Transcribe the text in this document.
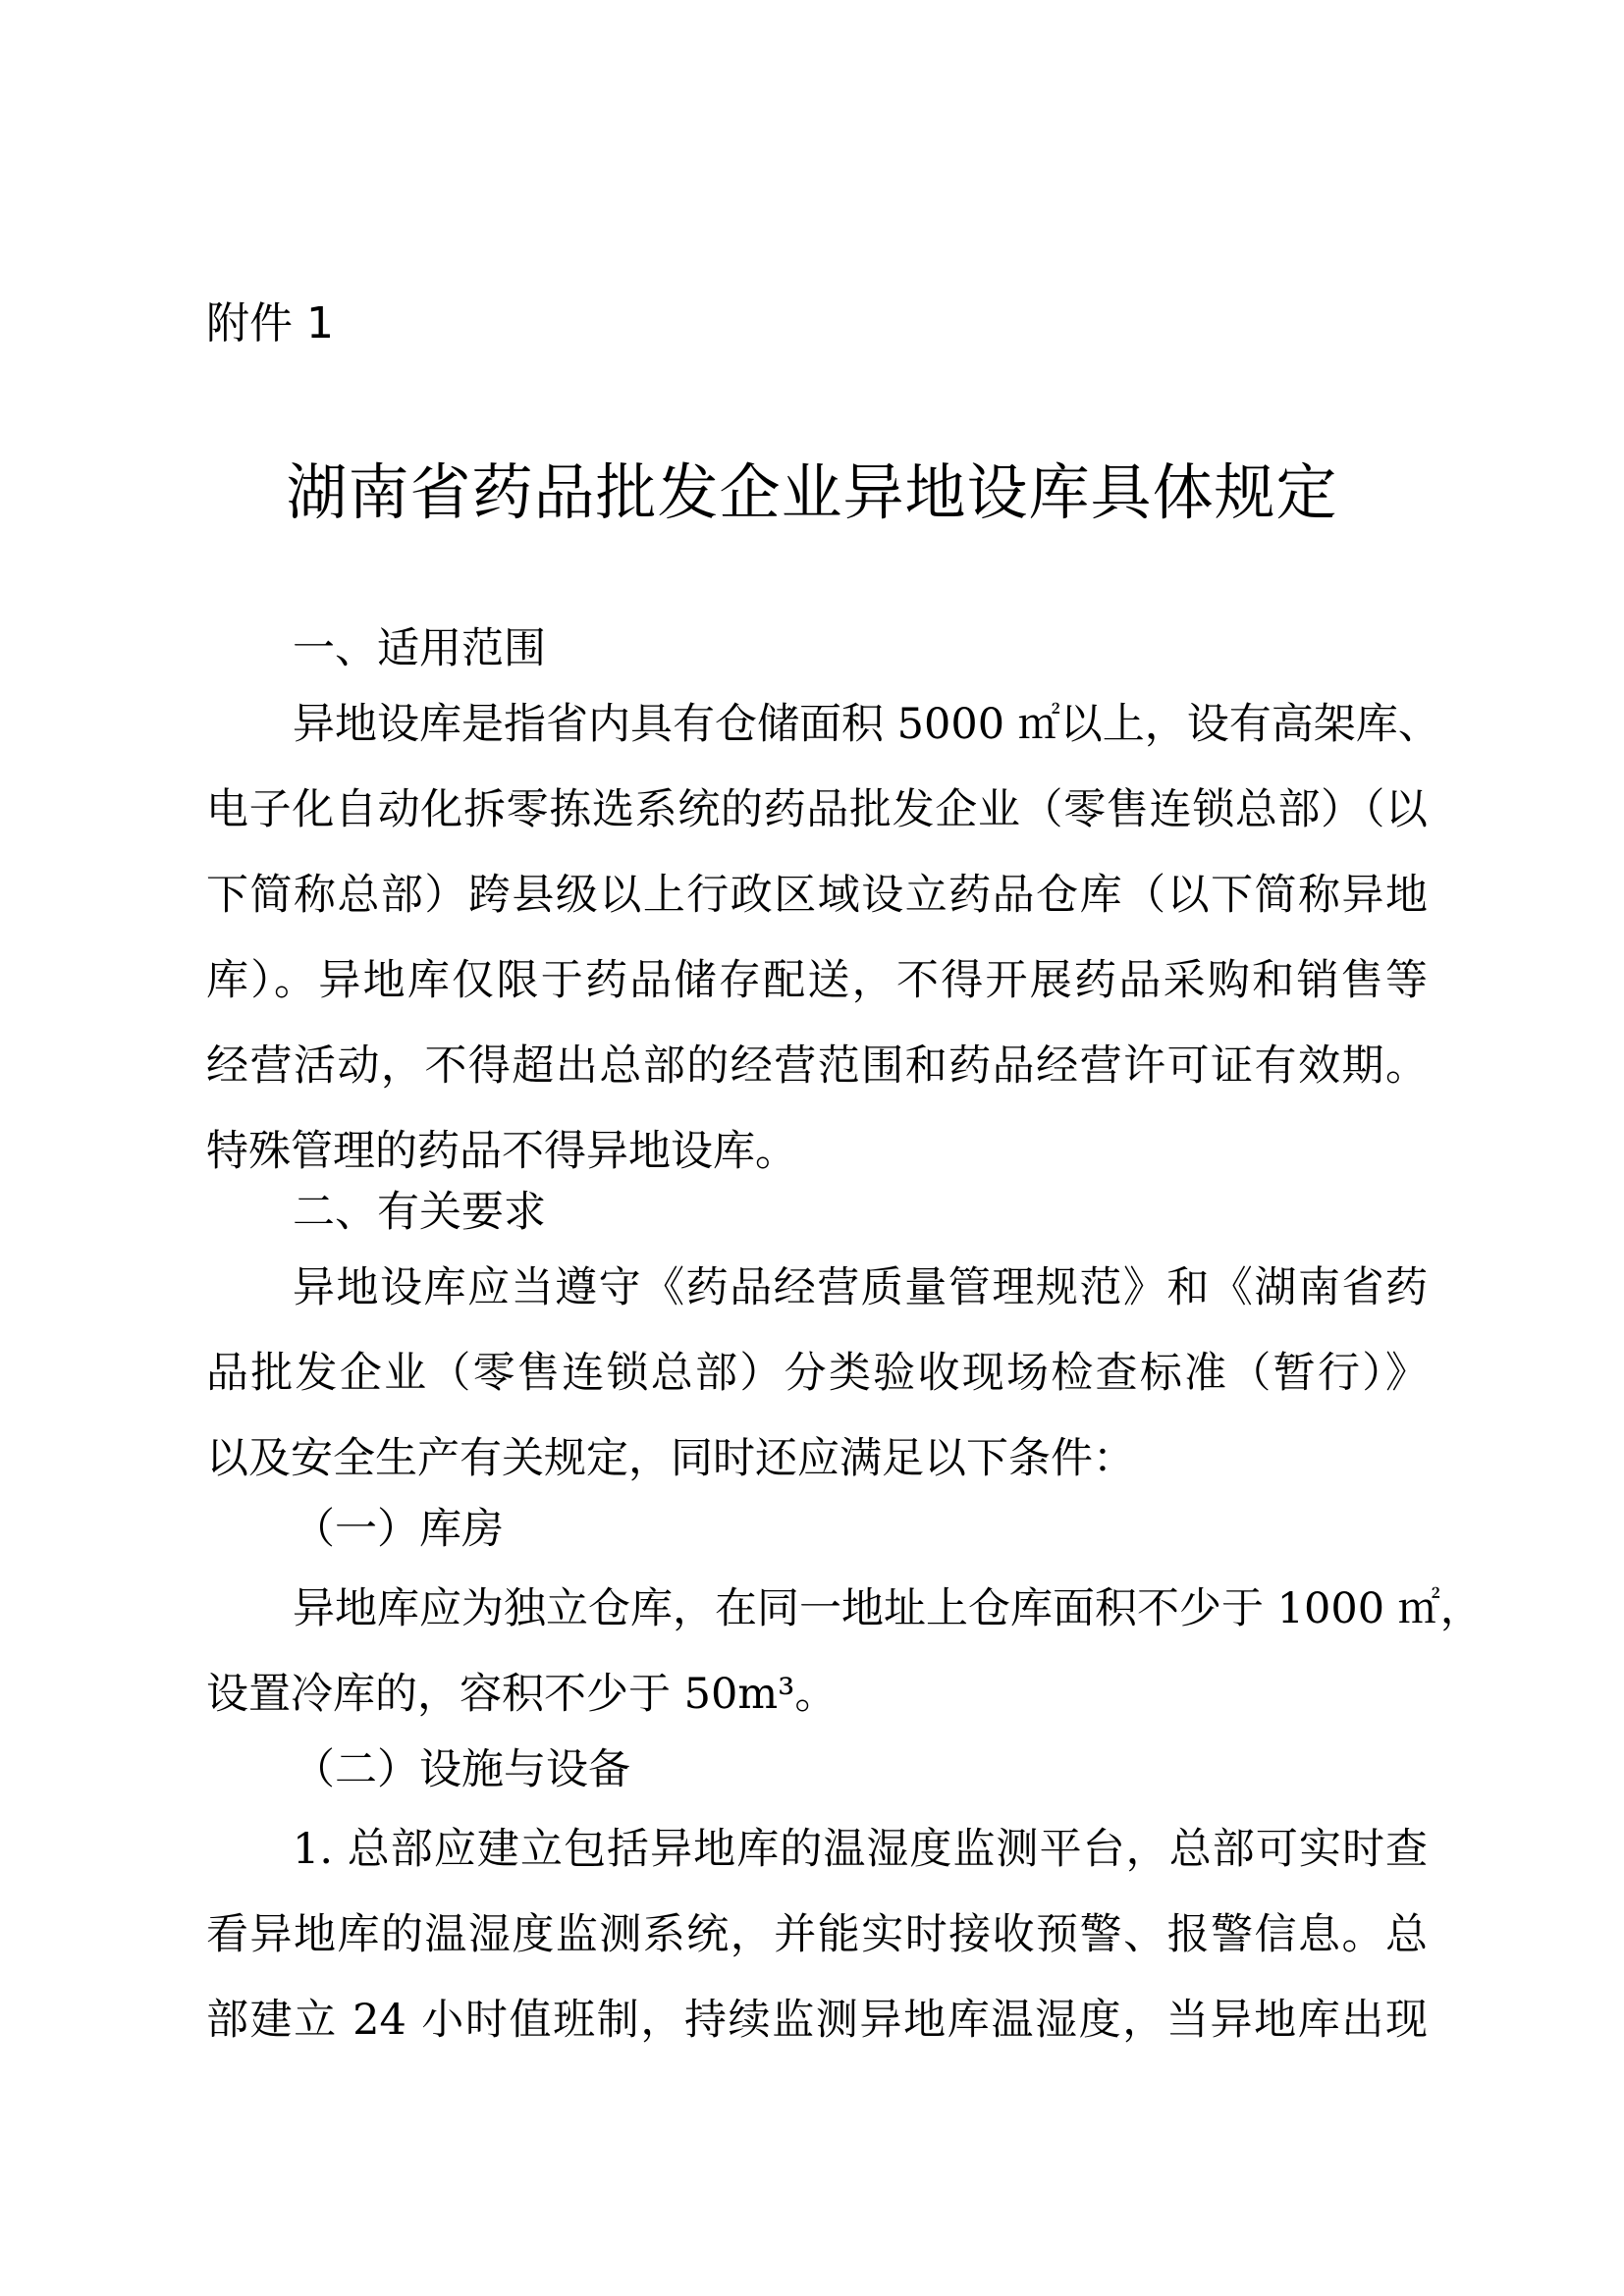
附件 1
湖南省药品批发企业异地设库具体规定
一、适用范围
异地设库是指省内具有仓储面积 5000 ㎡以上，设有高架库、
电子化自动化拆零拣选系统的药品批发企业（零售连锁总部）（以
下简称总部）跨县级以上行政区域设立药品仓库（以下简称异地
库）。异地库仅限于药品储存配送，不得开展药品采购和销售等
经营活动，不得超出总部的经营范围和药品经营许可证有效期。
特殊管理的药品不得异地设库。
二、有关要求
异地设库应当遵守《药品经营质量管理规范》和《湖南省药
品批发企业（零售连锁总部）分类验收现场检查标准（暂行）》
以及安全生产有关规定，同时还应满足以下条件：
（一）库房
异地库应为独立仓库，在同一地址上仓库面积不少于 1000 ㎡，
设置冷库的，容积不少于 50m³。
（二）设施与设备
1. 总部应建立包括异地库的温湿度监测平台，总部可实时查
看异地库的温湿度监测系统，并能实时接收预警、报警信息。总
部建立 24 小时值班制，持续监测异地库温湿度，当异地库出现
